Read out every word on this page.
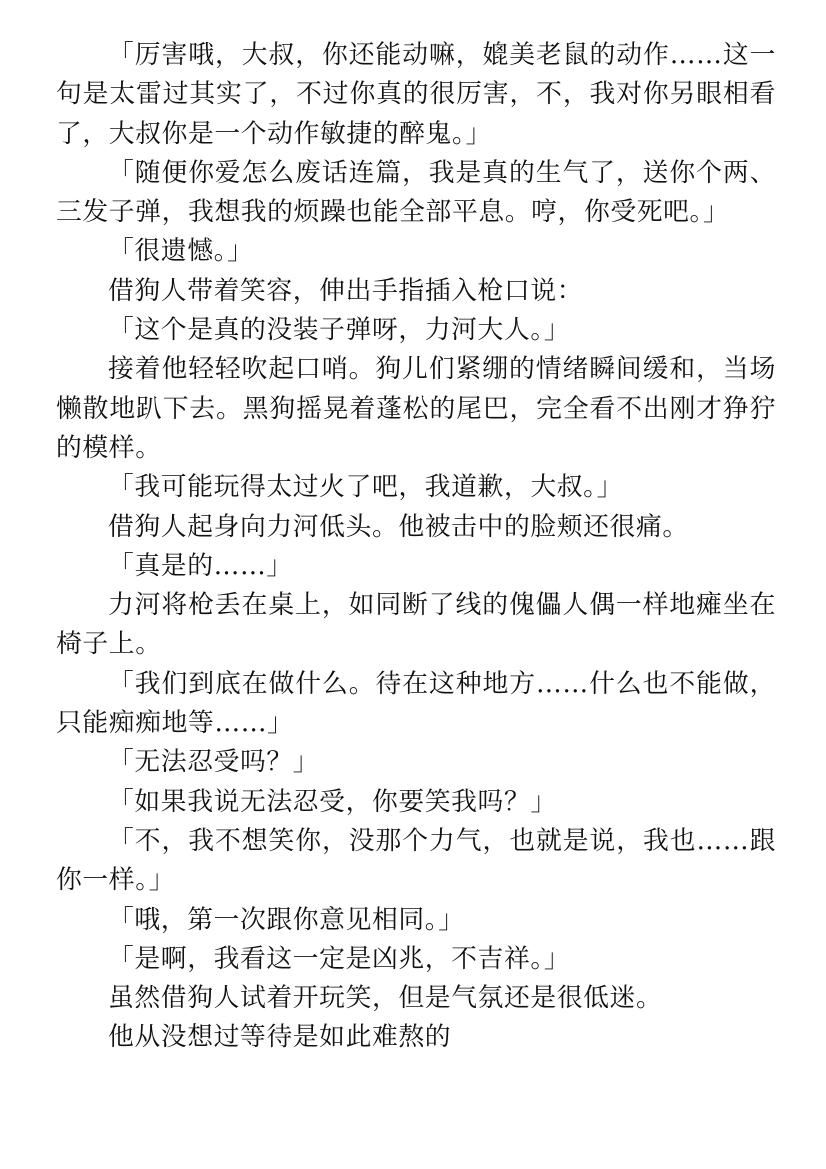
「厉害哦，大叔，你还能动嘛，媲美老鼠的动作……这一句是太雷过其实了，不过你真的很厉害，不，我对你另眼相看了，大叔你是一个动作敏捷的醉鬼。」

「随便你爱怎么废话连篇，我是真的生气了，送你个两、三发子弹，我想我的烦躁也能全部平息。哼，你受死吧。」

「很遗憾。」

借狗人带着笑容，伸出手指插入枪口说：

「这个是真的没装子弹呀，力河大人。」

接着他轻轻吹起口哨。狗儿们紧绷的情绪瞬间缓和，当场懒散地趴下去。黑狗摇晃着蓬松的尾巴，完全看不出刚才狰狞的模样。

「我可能玩得太过火了吧，我道歉，大叔。」

借狗人起身向力河低头。他被击中的脸颊还很痛。

「真是的……」

力河将枪丢在桌上，如同断了线的傀儡人偶一样地瘫坐在椅子上。

「我们到底在做什么。待在这种地方……什么也不能做，只能痴痴地等……」

「无法忍受吗？」

「如果我说无法忍受，你要笑我吗？」

「不，我不想笑你，没那个力气，也就是说，我也……跟你一样。」

「哦，第一次跟你意见相同。」

「是啊，我看这一定是凶兆，不吉祥。」

虽然借狗人试着开玩笑，但是气氛还是很低迷。

他从没想过等待是如此难熬的
